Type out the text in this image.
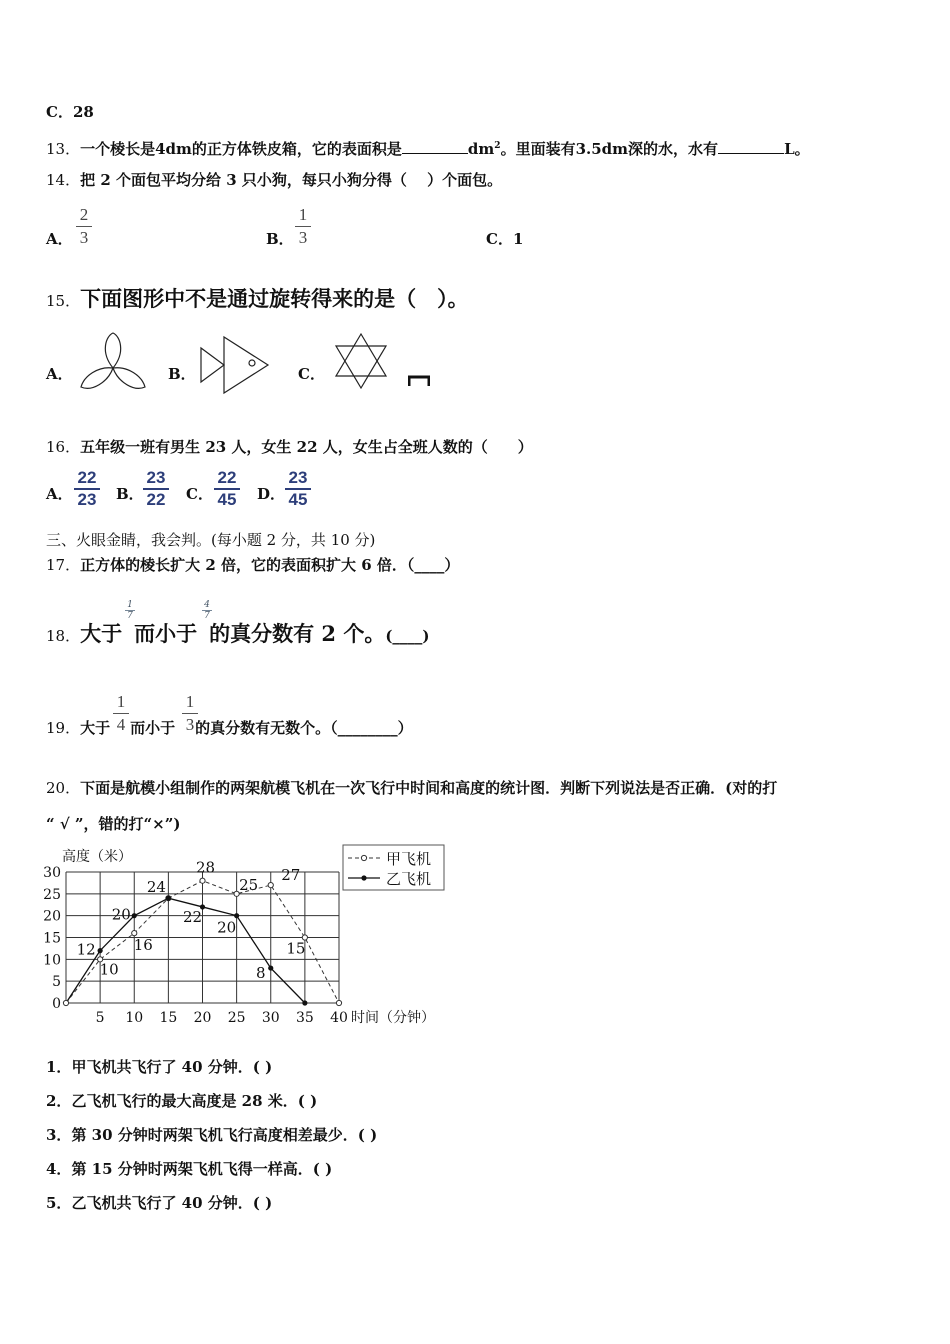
C．28
13．一个棱长是4dm的正方体铁皮箱，它的表面积是	$dm^2$。里面装有3.5dm深的水，水有	L。
14．把 2 个面包平均分给 3 只小狗，每只小狗分得（　 ）个面包。
A．
2
3	B．
1
3	C．1
15．下面图形中不是通过旋转得来的是（　）。
A．	B．	C．
16．五年级一班有男生 23 人，女生 22 人，女生占全班人数的（　　）
A．
22
23 B．
23
22 C．
22
45 D．
23
45
三、火眼金睛，我会判。(每小题 2 分，共 10 分)
17．正方体的棱长扩大 2 倍，它的表面积扩大 6 倍．（____）
18．大于 而小于 的真分数有 2 个。(____)
1
7
4
7
19．大于 而小于 的真分数有无数个。（________）
1
4
1
3
20．下面是航模小组制作的两架航模飞机在一次飞行中时间和高度的统计图．判断下列说法是否正确．(对的打
“ √ ”，错的打“×”)
0
5
10
15
20
25
30
5 10 15 20 25 30 35 40
高度（米）
时间（分钟）
10
16
28
25
27
15
12
20
24
22
20
8
甲飞机
乙飞机
1．甲飞机共飞行了 40 分钟．( )
2．乙飞机飞行的最大高度是 28 米．( )
3．第 30 分钟时两架飞机飞行高度相差最少．( )
4．第 15 分钟时两架飞机飞得一样高．( )
5．乙飞机共飞行了 40 分钟．( )
